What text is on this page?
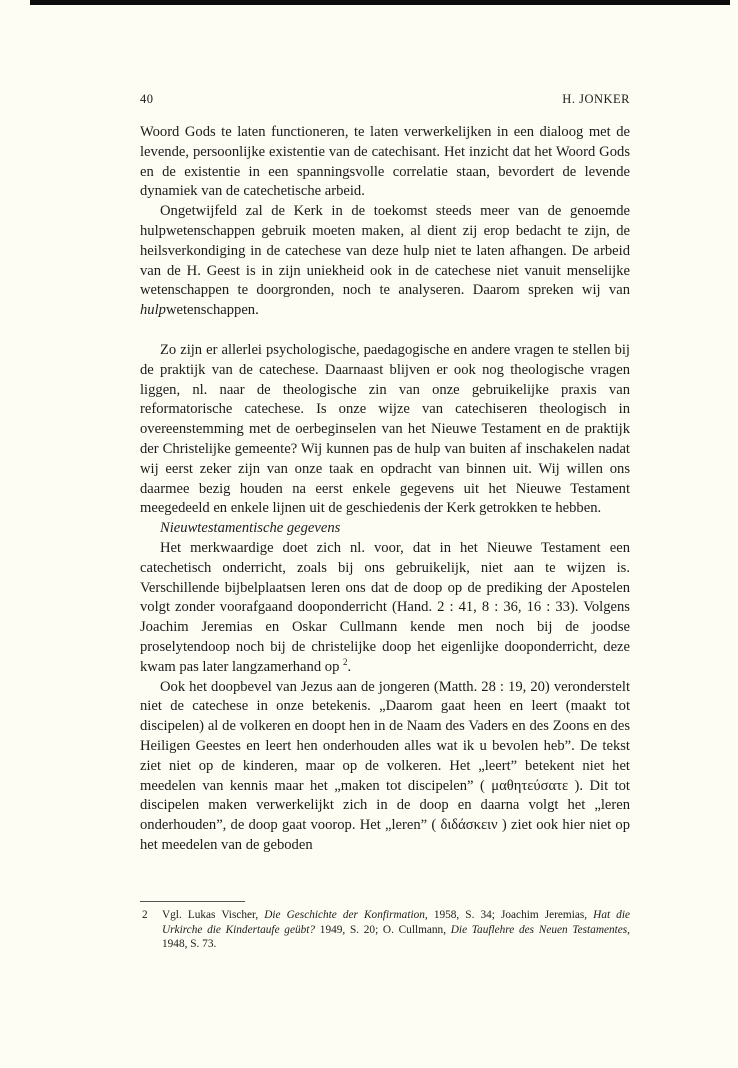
40	H. JONKER

Woord Gods te laten functioneren, te laten verwerkelijken in een dialoog met de levende, persoonlijke existentie van de catechisant. Het inzicht dat het Woord Gods en de existentie in een spanningsvolle correlatie staan, bevordert de levende dynamiek van de catechetische arbeid.

Ongetwijfeld zal de Kerk in de toekomst steeds meer van de genoemde hulpwetenschappen gebruik moeten maken, al dient zij erop bedacht te zijn, de heilsverkondiging in de catechese van deze hulp niet te laten afhangen. De arbeid van de H. Geest is in zijn uniekheid ook in de catechese niet vanuit menselijke wetenschappen te doorgronden, noch te analyseren. Daarom spreken wij van hulpwetenschappen.

Zo zijn er allerlei psychologische, paedagogische en andere vragen te stellen bij de praktijk van de catechese. Daarnaast blijven er ook nog theologische vragen liggen, nl. naar de theologische zin van onze gebruikelijke praxis van reformatorische catechese. Is onze wijze van catechiseren theologisch in overeenstemming met de oerbeginselen van het Nieuwe Testament en de praktijk der Christelijke gemeente? Wij kunnen pas de hulp van buiten af inschakelen nadat wij eerst zeker zijn van onze taak en opdracht van binnen uit. Wij willen ons daarmee bezig houden na eerst enkele gegevens uit het Nieuwe Testament meegedeeld en enkele lijnen uit de geschiedenis der Kerk getrokken te hebben.

Nieuwtestamentische gegevens

Het merkwaardige doet zich nl. voor, dat in het Nieuwe Testament een catechetisch onderricht, zoals bij ons gebruikelijk, niet aan te wijzen is. Verschillende bijbelplaatsen leren ons dat de doop op de prediking der Apostelen volgt zonder voorafgaand dooponderricht (Hand. 2 : 41, 8 : 36, 16 : 33). Volgens Joachim Jeremias en Oskar Cullmann kende men noch bij de joodse proselytendoop noch bij de christelijke doop het eigenlijke dooponderricht, deze kwam pas later langzamerhand op $^2$.

Ook het doopbevel van Jezus aan de jongeren (Matth. 28 : 19, 20) veronderstelt niet de catechese in onze betekenis. „Daarom gaat heen en leert (maakt tot discipelen) al de volkeren en doopt hen in de Naam des Vaders en des Zoons en des Heiligen Geestes en leert hen onderhouden alles wat ik u bevolen heb”. De tekst ziet niet op de kinderen, maar op de volkeren. Het „leert” betekent niet het meedelen van kennis maar het „maken tot discipelen” ( μαθητεύσατε ). Dit tot discipelen maken verwerkelijkt zich in de doop en daarna volgt het „leren onderhouden”, de doop gaat voorop. Het „leren” ( διδάσκειν ) ziet ook hier niet op het meedelen van de geboden

2 Vgl. Lukas Vischer, Die Geschichte der Konfirmation, 1958, S. 34; Joachim Jeremias, Hat die Urkirche die Kindertaufe geübt? 1949, S. 20; O. Cullmann, Die Tauflehre des Neuen Testamentes, 1948, S. 73.
